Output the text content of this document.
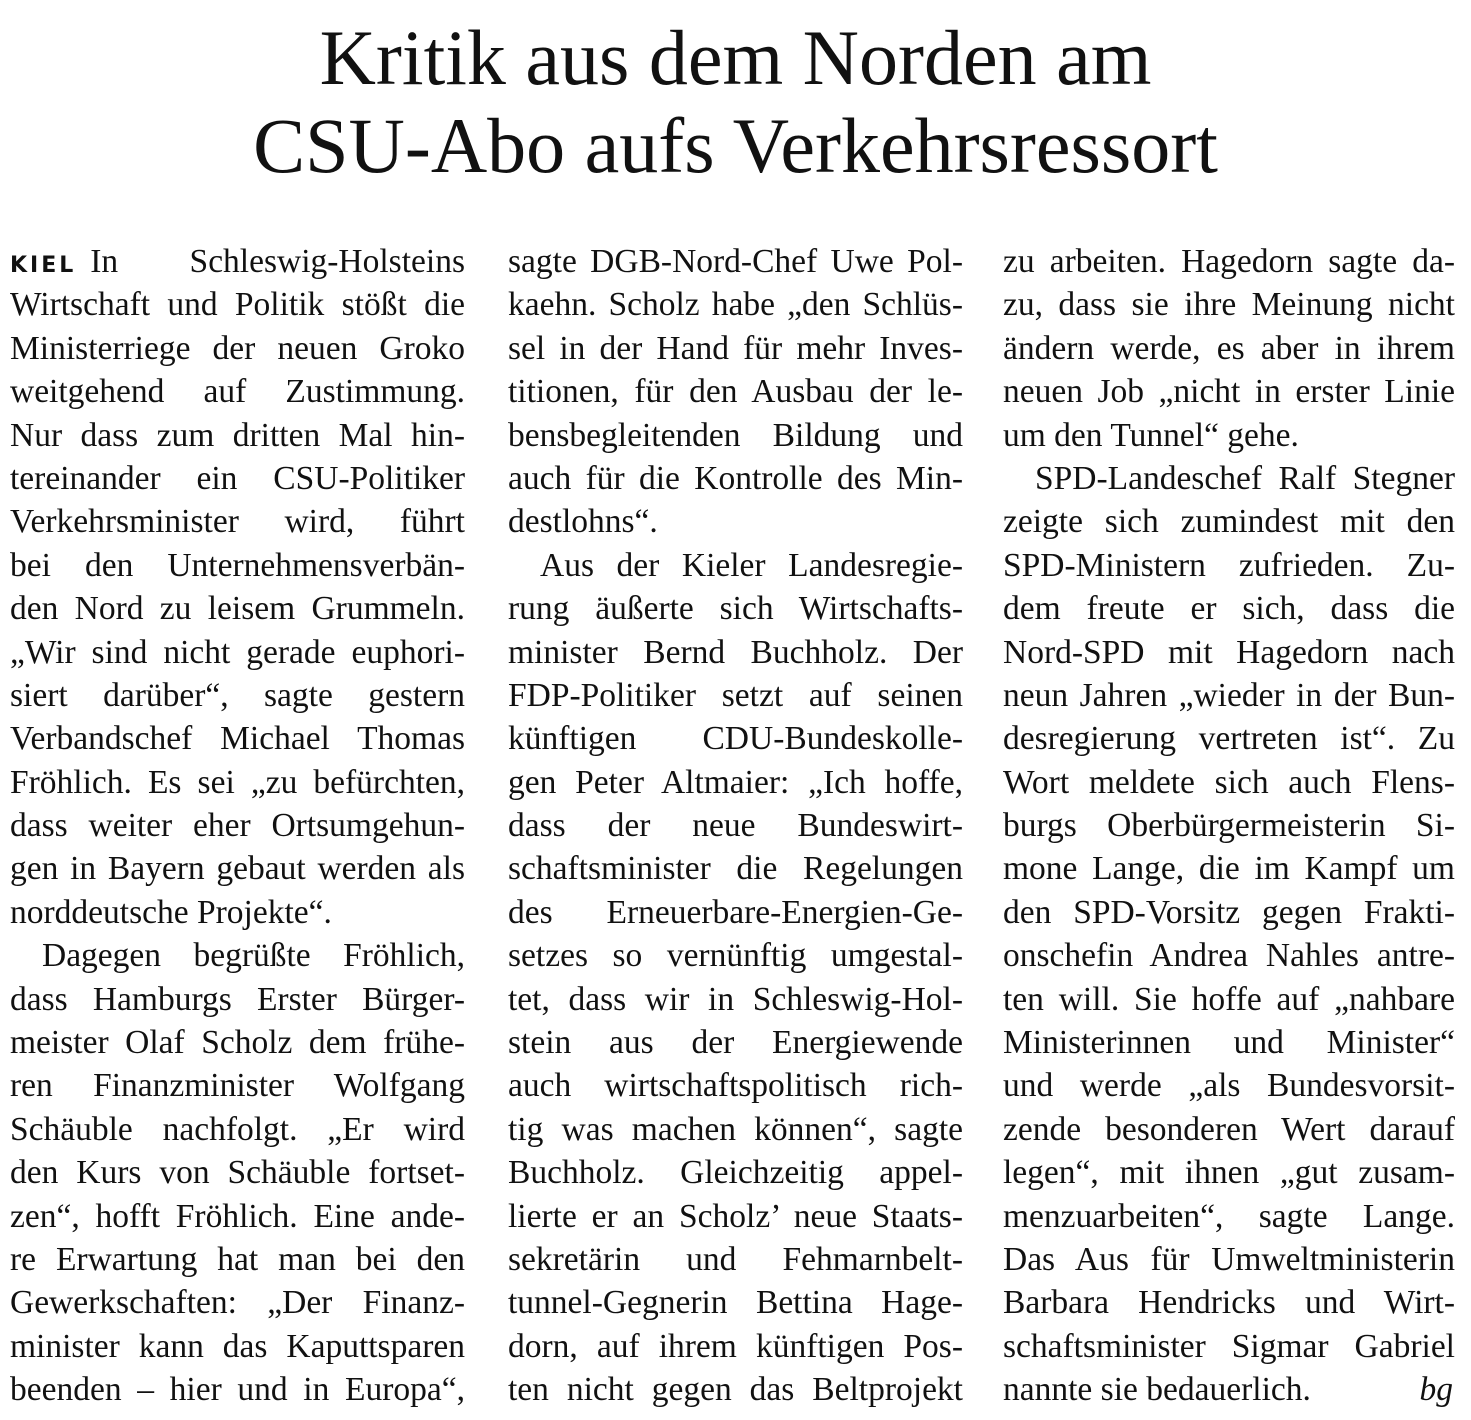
Kritik aus dem Norden am
CSU-Abo aufs Verkehrsressort
KIEL In Schleswig-Holsteins
Wirtschaft und Politik stößt die
Ministerriege der neuen Groko
weitgehend auf Zustimmung.
Nur dass zum dritten Mal hin-
tereinander ein CSU-Politiker
Verkehrsminister wird, führt
bei den Unternehmensverbän-
den Nord zu leisem Grummeln.
„Wir sind nicht gerade euphori-
siert darüber“, sagte gestern
Verbandschef Michael Thomas
Fröhlich. Es sei „zu befürchten,
dass weiter eher Ortsumgehun-
gen in Bayern gebaut werden als
norddeutsche Projekte“.
Dagegen begrüßte Fröhlich,
dass Hamburgs Erster Bürger-
meister Olaf Scholz dem frühe-
ren Finanzminister Wolfgang
Schäuble nachfolgt. „Er wird
den Kurs von Schäuble fortset-
zen“, hofft Fröhlich. Eine ande-
re Erwartung hat man bei den
Gewerkschaften: „Der Finanz-
minister kann das Kaputtsparen
beenden – hier und in Europa“,
sagte DGB-Nord-Chef Uwe Pol-
kaehn. Scholz habe „den Schlüs-
sel in der Hand für mehr Inves-
titionen, für den Ausbau der le-
bensbegleitenden Bildung und
auch für die Kontrolle des Min-
destlohns“.
Aus der Kieler Landesregie-
rung äußerte sich Wirtschafts-
minister Bernd Buchholz. Der
FDP-Politiker setzt auf seinen
künftigen CDU-Bundeskolle-
gen Peter Altmaier: „Ich hoffe,
dass der neue Bundeswirt-
schaftsminister die Regelungen
des Erneuerbare-Energien-Ge-
setzes so vernünftig umgestal-
tet, dass wir in Schleswig-Hol-
stein aus der Energiewende
auch wirtschaftspolitisch rich-
tig was machen können“, sagte
Buchholz. Gleichzeitig appel-
lierte er an Scholz’ neue Staats-
sekretärin und Fehmarnbelt-
tunnel-Gegnerin Bettina Hage-
dorn, auf ihrem künftigen Pos-
ten nicht gegen das Beltprojekt
zu arbeiten. Hagedorn sagte da-
zu, dass sie ihre Meinung nicht
ändern werde, es aber in ihrem
neuen Job „nicht in erster Linie
um den Tunnel“ gehe.
SPD-Landeschef Ralf Stegner
zeigte sich zumindest mit den
SPD-Ministern zufrieden. Zu-
dem freute er sich, dass die
Nord-SPD mit Hagedorn nach
neun Jahren „wieder in der Bun-
desregierung vertreten ist“. Zu
Wort meldete sich auch Flens-
burgs Oberbürgermeisterin Si-
mone Lange, die im Kampf um
den SPD-Vorsitz gegen Frakti-
onschefin Andrea Nahles antre-
ten will. Sie hoffe auf „nahbare
Ministerinnen und Minister“
und werde „als Bundesvorsit-
zende besonderen Wert darauf
legen“, mit ihnen „gut zusam-
menzuarbeiten“, sagte Lange.
Das Aus für Umweltministerin
Barbara Hendricks und Wirt-
schaftsminister Sigmar Gabriel
nannte sie bedauerlich.	bg
